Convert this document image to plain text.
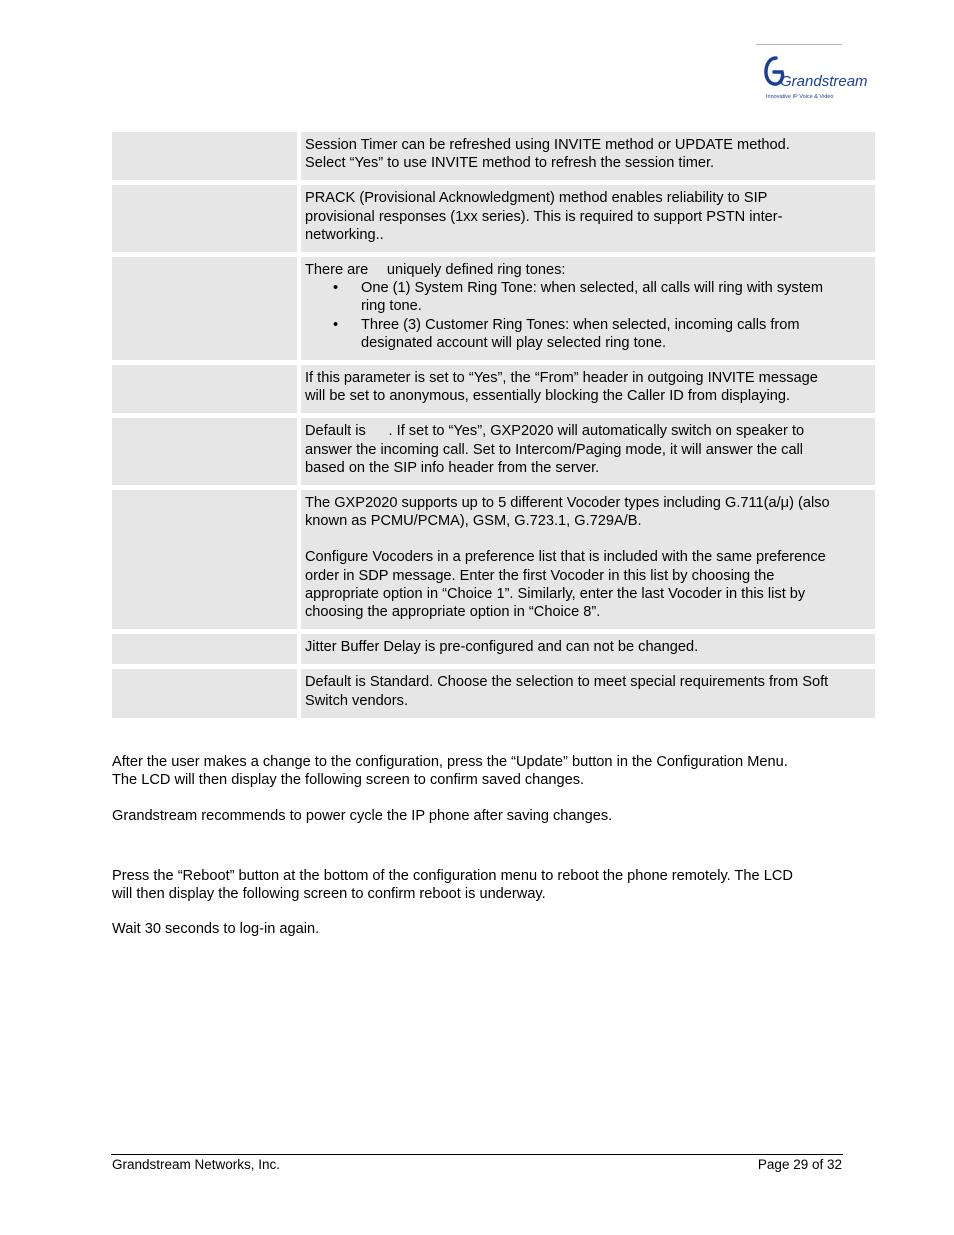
Grandstream
Innovative IP Voice & Video

Session Timer can be refreshed using INVITE method or UPDATE method.

Select “Yes” to use INVITE method to refresh the session timer.

PRACK (Provisional Acknowledgment) method enables reliability to SIP

provisional responses (1xx series). This is required to support PSTN inter-

networking..

There are  uniquely defined ring tones:

• One (1) System Ring Tone: when selected, all calls will ring with system
ring tone.
• Three (3) Customer Ring Tones: when selected, incoming calls from
designated account will play selected ring tone.

If this parameter is set to “Yes”, the “From” header in outgoing INVITE message

will be set to anonymous, essentially blocking the Caller ID from displaying.

Default is   . If set to “Yes”, GXP2020 will automatically switch on speaker to

answer the incoming call. Set to Intercom/Paging mode, it will answer the call

based on the SIP info header from the server.

The GXP2020 supports up to 5 different Vocoder types including G.711(a/μ) (also

known as PCMU/PCMA), GSM, G.723.1, G.729A/B.

Configure Vocoders in a preference list that is included with the same preference

order in SDP message. Enter the first Vocoder in this list by choosing the

appropriate option in “Choice 1”. Similarly, enter the last Vocoder in this list by

choosing the appropriate option in “Choice 8”.

Jitter Buffer Delay is pre-configured and can not be changed.

Default is Standard. Choose the selection to meet special requirements from Soft

Switch vendors.

After the user makes a change to the configuration, press the “Update” button in the Configuration Menu.

The LCD will then display the following screen to confirm saved changes.

Grandstream recommends to power cycle the IP phone after saving changes.

Press the “Reboot” button at the bottom of the configuration menu to reboot the phone remotely. The LCD

will then display the following screen to confirm reboot is underway.

Wait 30 seconds to log-in again.

Grandstream Networks, Inc.	Page 29 of 32
